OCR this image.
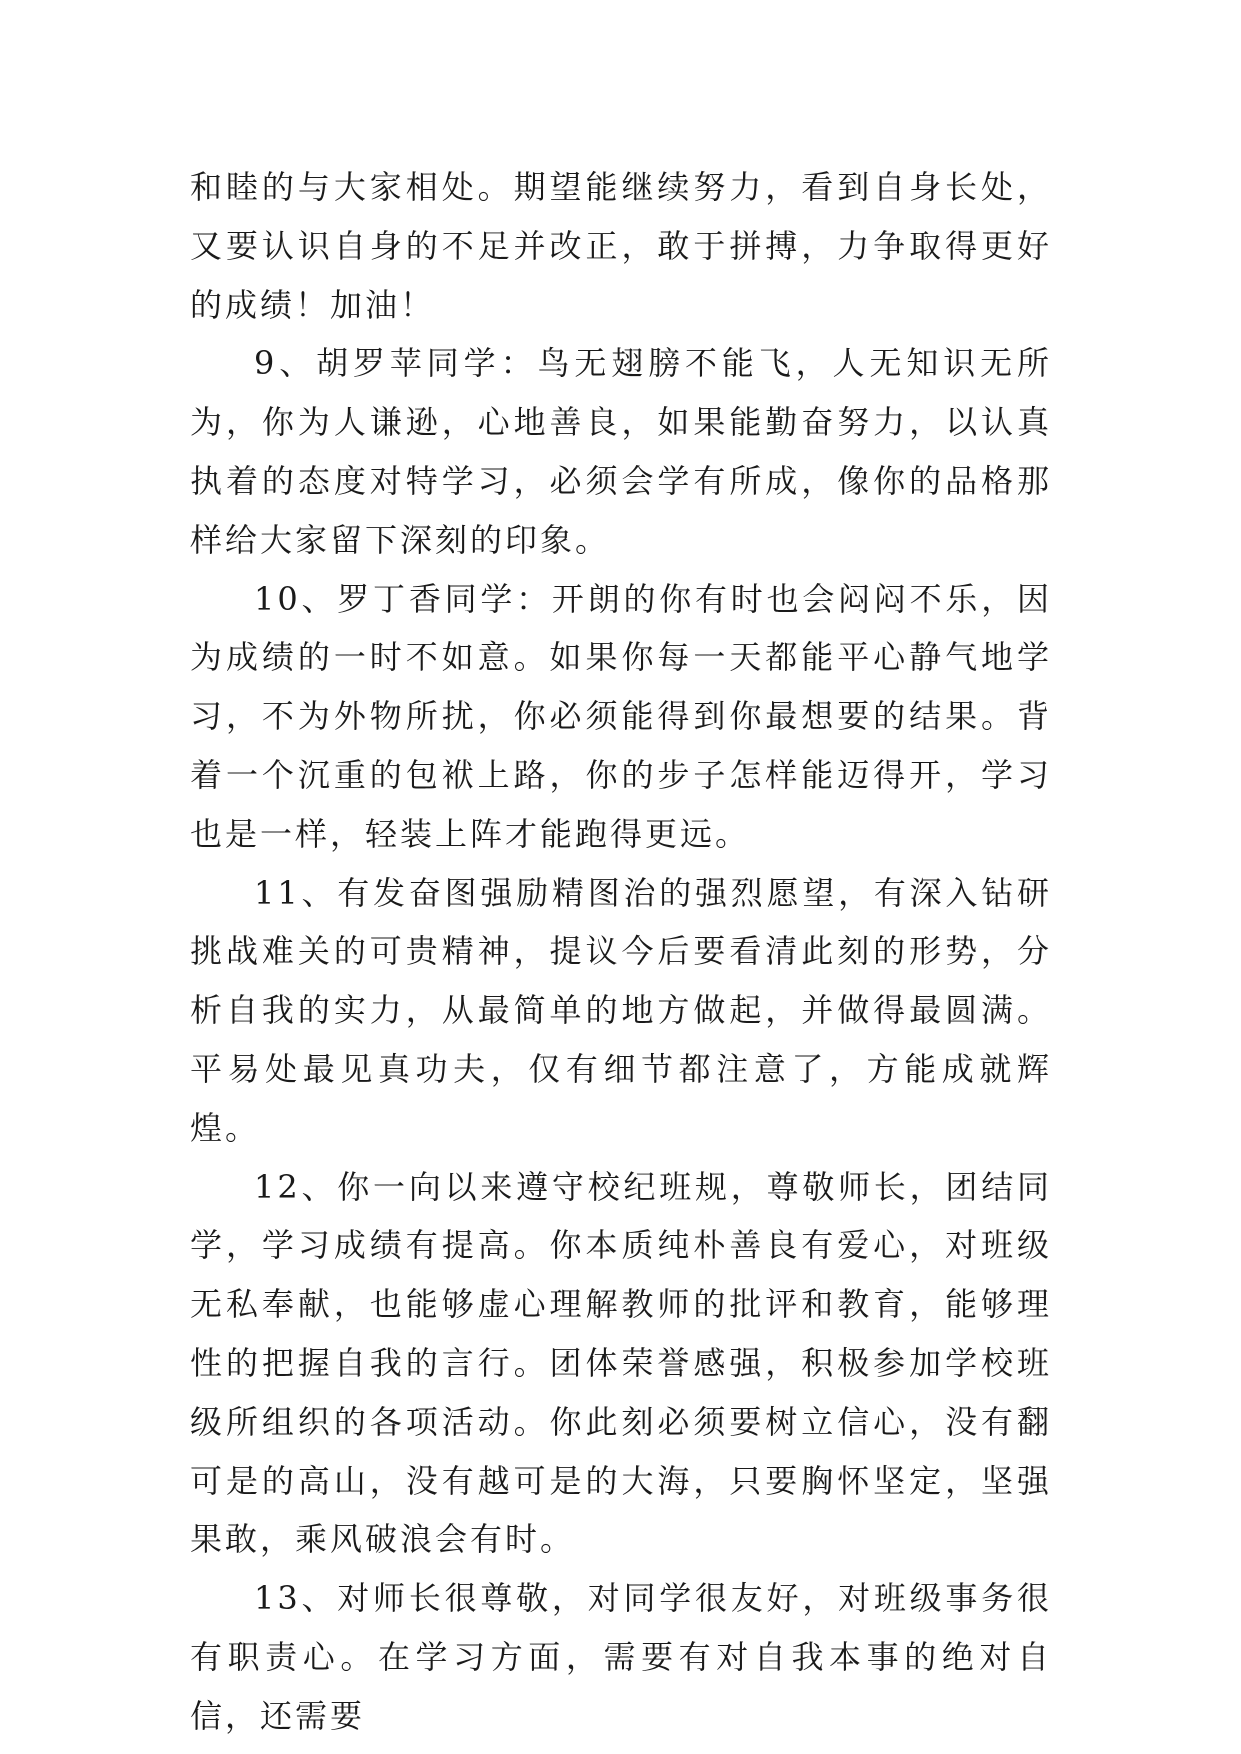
和睦的与大家相处。期望能继续努力，看到自身长处，又要认识自身的不足并改正，敢于拼搏，力争取得更好的成绩！加油！

9、胡罗苹同学：鸟无翅膀不能飞，人无知识无所为，你为人谦逊，心地善良，如果能勤奋努力，以认真执着的态度对特学习，必须会学有所成，像你的品格那样给大家留下深刻的印象。

10、罗丁香同学：开朗的你有时也会闷闷不乐，因为成绩的一时不如意。如果你每一天都能平心静气地学习，不为外物所扰，你必须能得到你最想要的结果。背着一个沉重的包袱上路，你的步子怎样能迈得开，学习也是一样，轻装上阵才能跑得更远。

11、有发奋图强励精图治的强烈愿望，有深入钻研挑战难关的可贵精神，提议今后要看清此刻的形势，分析自我的实力，从最简单的地方做起，并做得最圆满。平易处最见真功夫，仅有细节都注意了，方能成就辉煌。

12、你一向以来遵守校纪班规，尊敬师长，团结同学，学习成绩有提高。你本质纯朴善良有爱心，对班级无私奉献，也能够虚心理解教师的批评和教育，能够理性的把握自我的言行。团体荣誉感强，积极参加学校班级所组织的各项活动。你此刻必须要树立信心，没有翻可是的高山，没有越可是的大海，只要胸怀坚定，坚强果敢，乘风破浪会有时。

13、对师长很尊敬，对同学很友好，对班级事务很有职责心。在学习方面，需要有对自我本事的绝对自信，还需要
